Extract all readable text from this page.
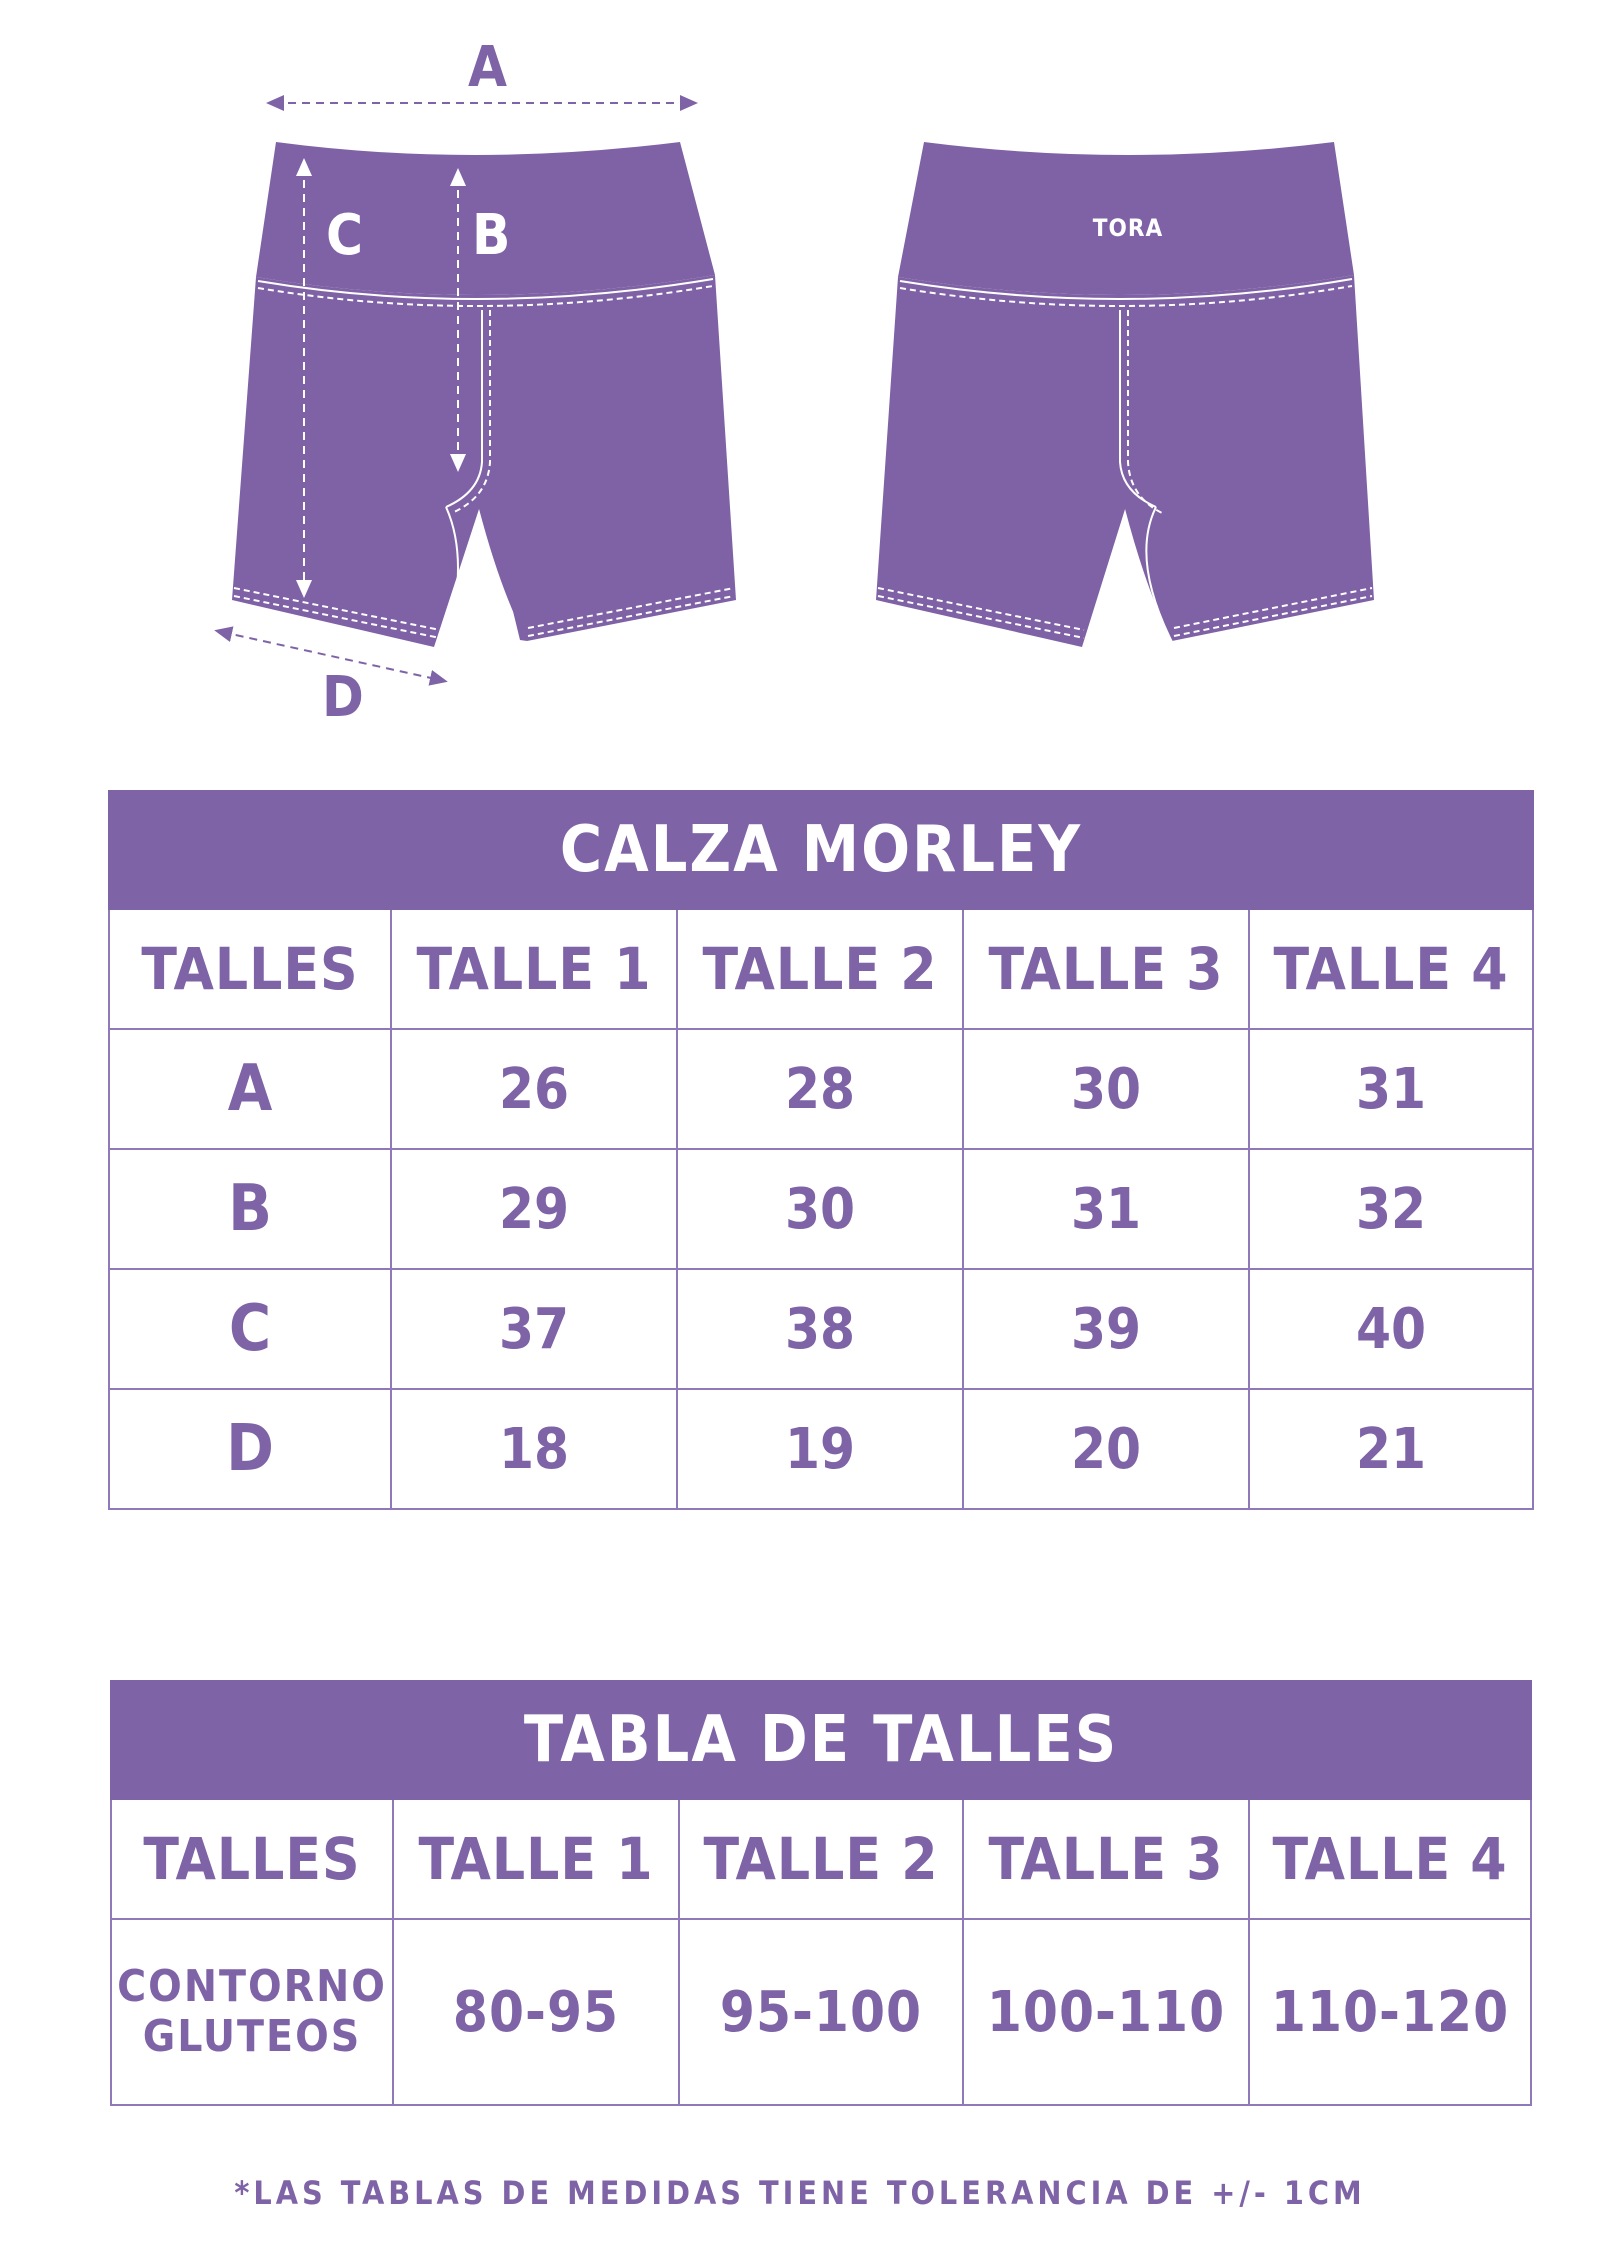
C B
A
D
TORA
CALZA MORLEY				
TALLES	TALLE 1	TALLE 2	TALLE 3	TALLE 4
A	26	28	30	31
B	29	30	31	32
C	37	38	39	40
D	18	19	20	21
TABLA DE TALLES				
TALLES	TALLE 1	TALLE 2	TALLE 3	TALLE 4

CONTORNO
GLUTEOS	80-95	95-100	100-110	110-120
*LAS TABLAS DE MEDIDAS TIENE TOLERANCIA DE +/- 1CM
